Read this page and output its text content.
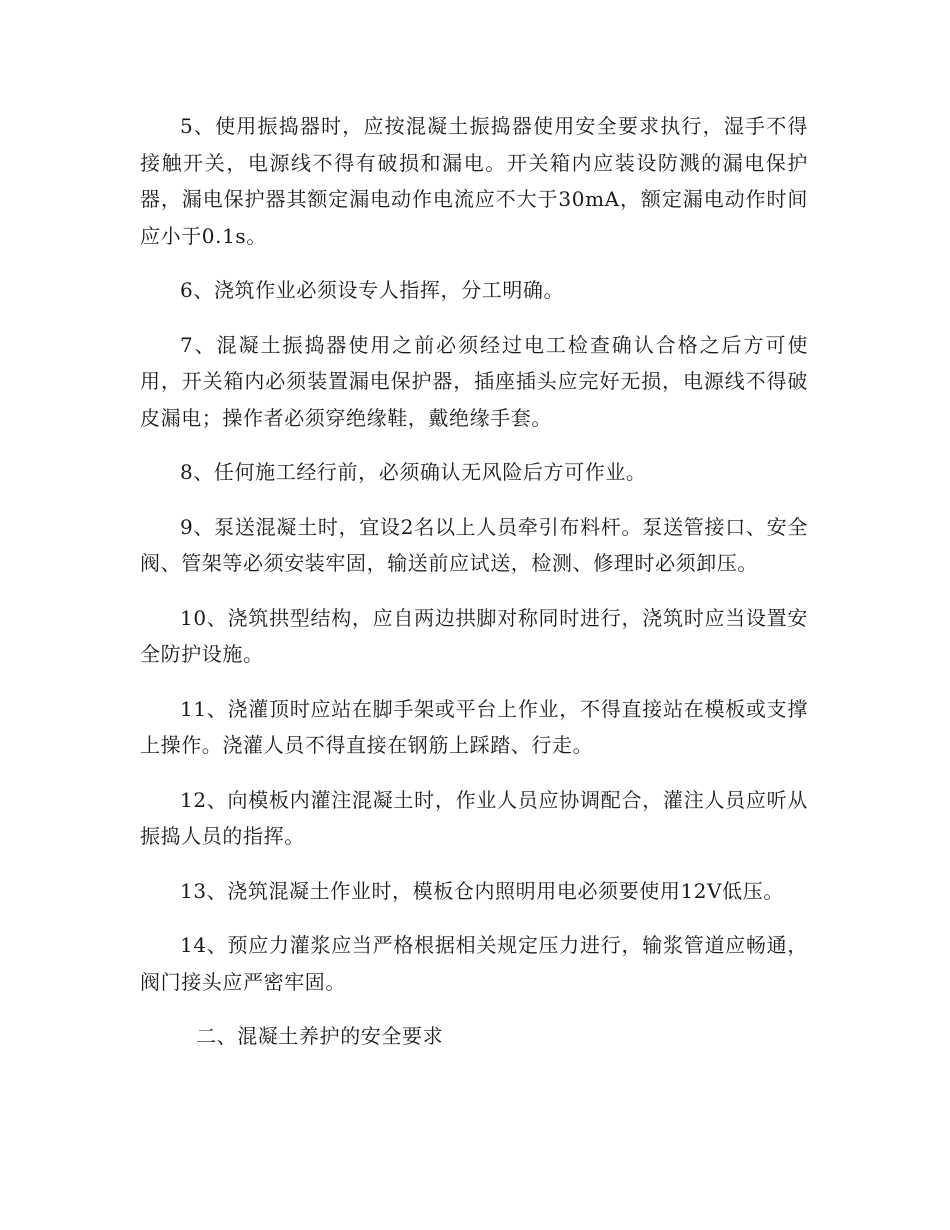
5、使用振捣器时，应按混凝土振捣器使用安全要求执行，湿手不得接触开关，电源线不得有破损和漏电。开关箱内应装设防溅的漏电保护器，漏电保护器其额定漏电动作电流应不大于30mA，额定漏电动作时间应小于0.1s。

6、浇筑作业必须设专人指挥，分工明确。

7、混凝土振捣器使用之前必须经过电工检查确认合格之后方可使用，开关箱内必须装置漏电保护器，插座插头应完好无损，电源线不得破皮漏电；操作者必须穿绝缘鞋，戴绝缘手套。

8、任何施工经行前，必须确认无风险后方可作业。

9、泵送混凝土时，宜设2名以上人员牵引布料杆。泵送管接口、安全阀、管架等必须安装牢固，输送前应试送，检测、修理时必须卸压。

10、浇筑拱型结构，应自两边拱脚对称同时进行，浇筑时应当设置安全防护设施。

11、浇灌顶时应站在脚手架或平台上作业，不得直接站在模板或支撑上操作。浇灌人员不得直接在钢筋上踩踏、行走。

12、向模板内灌注混凝土时，作业人员应协调配合，灌注人员应听从振捣人员的指挥。

13、浇筑混凝土作业时，模板仓内照明用电必须要使用12V低压。

14、预应力灌浆应当严格根据相关规定压力进行，输浆管道应畅通，阀门接头应严密牢固。

二、混凝土养护的安全要求
